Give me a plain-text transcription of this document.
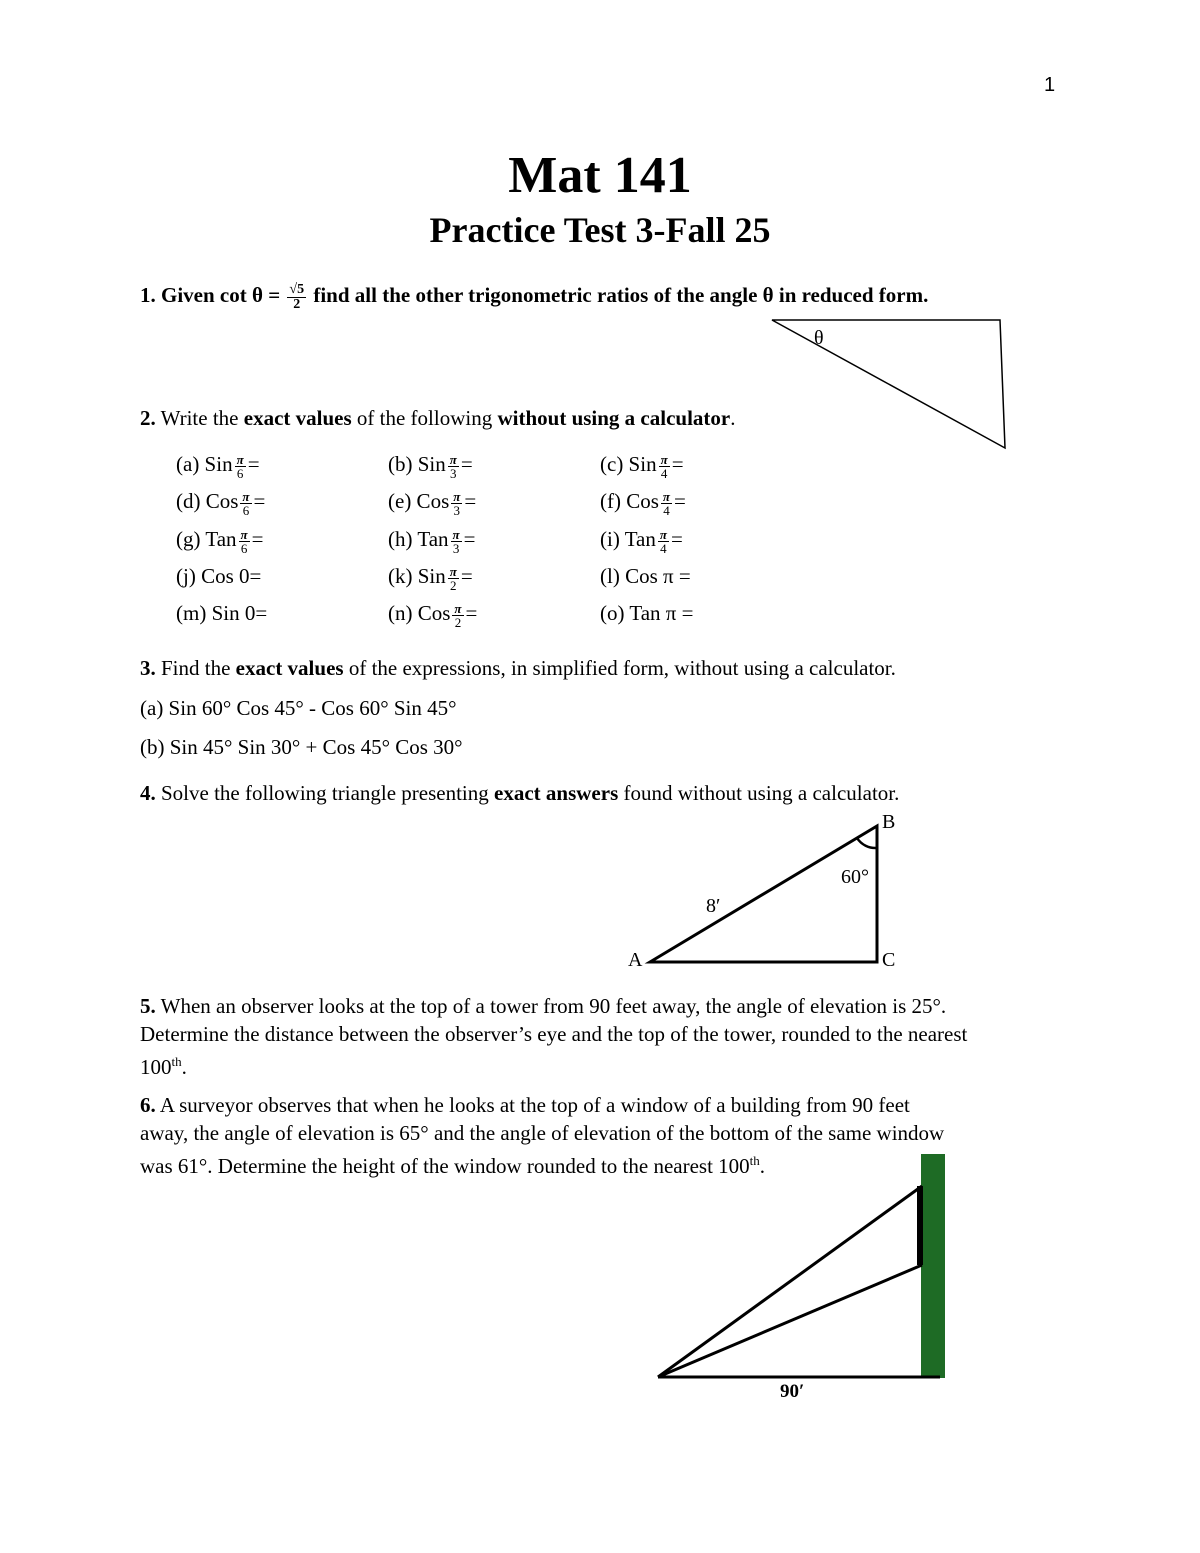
1
Mat 141
Practice Test 3-Fall 25
1. Given $\cot \theta = \frac{√5}{2}$ find all the other trigonometric ratios of the angle θ in reduced form.
θ
2. Write the exact values of the following without using a calculator.
(a) Sin $\frac{\pi}{6}$ =	(b) Sin $\frac{\pi}{3}$ =	(c) Sin $\frac{\pi}{4}$ =
(d) Cos $\frac{\pi}{6}$ =	(e) Cos $\frac{\pi}{3}$ =	(f) Cos $\frac{\pi}{4}$ =
(g) Tan $\frac{\pi}{6}$ =	(h) Tan $\frac{\pi}{3}$ =	(i) Tan $\frac{\pi}{4}$ =
(j) Cos 0=	(k) Sin $\frac{\pi}{2}$ =	(l) Cos π =
(m) Sin 0=	(n) Cos $\frac{\pi}{2}$ =	(o) Tan π =
3. Find the exact values of the expressions, in simplified form, without using a calculator.
(a) Sin 60° Cos 45° - Cos 60° Sin 45°
(b) Sin 45° Sin 30° + Cos 45° Cos 30°
4. Solve the following triangle presenting exact answers found without using a calculator.
A
B
C
8′
60°
5. When an observer looks at the top of a tower from 90 feet away, the angle of elevation is 25°.
Determine the distance between the observer’s eye and the top of the tower, rounded to the nearest
100th.
6. A surveyor observes that when he looks at the top of a window of a building from 90 feet
away, the angle of elevation is 65° and the angle of elevation of the bottom of the same window
was 61°. Determine the height of the window rounded to the nearest 100th.
90′
